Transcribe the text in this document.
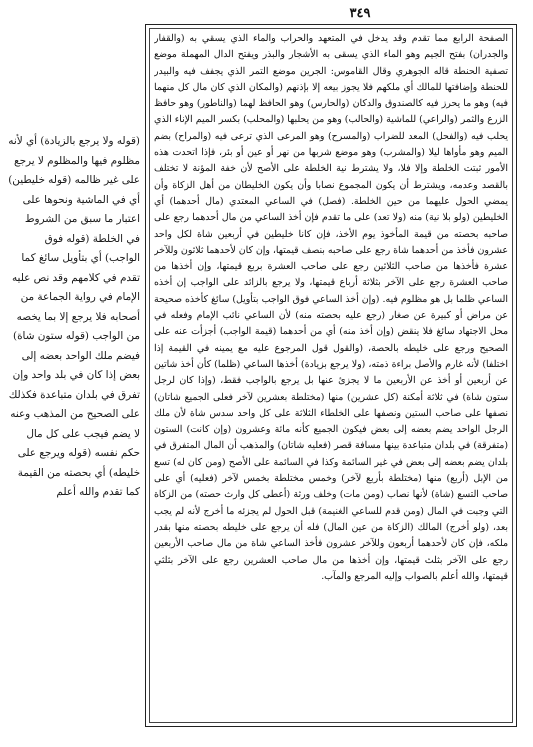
٣٤٩

(قوله ولا يرجع بالزيادة) أي لأنه مظلوم فيها والمظلوم لا يرجع على غير ظالمه (قوله خليطين) أي في الماشية ونحوها على اعتبار ما سبق من الشروط في الخلطة (قوله فوق الواجب) أي بتأويل سائغ كما تقدم في كلامهم وقد نص عليه الإمام في رواية الجماعة من أصحابه فلا يرجع إلا بما يخصه من الواجب (قوله ستون شاة) فيضم ملك الواحد بعضه إلى بعض إذا كان في بلد واحد وإن تفرق في بلدان متباعدة فكذلك على الصحيح من المذهب وعنه لا يضم فيجب على كل مال حكم نفسه (قوله ويرجع على خليطه) أي بحصته من القيمة كما تقدم والله أعلم

الصفحة الرابع مما تقدم وقد يدخل في المتعهد والحراب والماء الذي يسقي به (والقفار والجدران) بفتح الجيم وهو الماء الذي يسقى به الأشجار والبذر ويفتح الدال المهملة موضع تصفية الحنطة قاله الجوهري وقال القاموس: الجرين موضع التمر الذي يجفف فيه والبيدر للحنطة وإضافتها للمالك أي ملكهم فلا يجوز بيعه إلا بإذنهم (والمكان الذي كان مال كل منهما فيه) وهو ما يحرز فيه كالصندوق والدكان (والحارس) وهو الحافظ لهما (والناطور) وهو حافظ الزرع والثمر (والراعي) للماشية (والحالب) وهو من يحلبها (والمحلب) بكسر الميم الإناء الذي يحلب فيه (والفحل) المعد للضراب (والمسرح) وهو المرعى الذي ترعى فيه (والمراح) بضم الميم وهو مأواها ليلا (والمشرب) وهو موضع شربها من نهر أو عين أو بئر، فإذا اتحدت هذه الأمور ثبتت الخلطة وإلا فلا، ولا يشترط نية الخلطة على الأصح لأن خفة المؤنة لا تختلف بالقصد وعدمه، ويشترط أن يكون المجموع نصابا وأن يكون الخليطان من أهل الزكاة وأن يمضي الحول عليهما من حين الخلطة. (فصل) في الساعي المعتدي (مال أحدهما) أي الخليطين (ولو بلا نية) منه (ولا تعد) على ما تقدم فإن أخذ الساعي من مال أحدهما رجع على صاحبه بحصته من قيمة المأخوذ يوم الأخذ، فإن كانا خليطين في أربعين شاة لكل واحد عشرون فأخذ من أحدهما شاة رجع على صاحبه بنصف قيمتها، وإن كان لأحدهما ثلاثون وللآخر عشرة فأخذها من صاحب الثلاثين رجع على صاحب العشرة بربع قيمتها، وإن أخذها من صاحب العشرة رجع على الآخر بثلاثة أرباع قيمتها، ولا يرجع بالزائد على الواجب إن أخذه الساعي ظلما بل هو مظلوم فيه. (وإن أخذ الساعي فوق الواجب بتأويل) سائغ كأخذه صحيحة عن مراض أو كبيرة عن صغار (رجع عليه بحصته منه) لأن الساعي نائب الإمام وفعله في محل الاجتهاد سائغ فلا ينقض (وإن أخذ منه) أي من أحدهما (قيمة الواجب) أجزأت عنه على الصحيح ورجع على خليطه بالحصة، (والقول قول المرجوع عليه مع يمينه في القيمة إذا اختلفا) لأنه غارم والأصل براءة ذمته، (ولا يرجع بزيادة) أخذها الساعي (ظلما) كأن أخذ شاتين عن أربعين أو أخذ عن الأربعين ما لا يجزئ عنها بل يرجع بالواجب فقط، (وإذا كان لرجل ستون شاة) في ثلاثة أمكنة (كل عشرين) منها (مختلطة بعشرين لآخر فعلى الجميع شاتان) نصفها على صاحب الستين ونصفها على الخلطاء الثلاثة على كل واحد سدس شاة لأن ملك الرجل الواحد يضم بعضه إلى بعض فيكون الجميع كأنه مائة وعشرون (وإن كانت) الستون (متفرقة) في بلدان متباعدة بينها مسافة قصر (فعليه شاتان) والمذهب أن المال المتفرق في بلدان يضم بعضه إلى بعض في غير السائمة وكذا في السائمة على الأصح (ومن كان له) تسع من الإبل (أربع) منها (مختلطة بأربع لآخر) وخمس مختلطة بخمس لآخر (فعليه) أي على صاحب التسع (شاة) لأنها نصاب (ومن مات) وخلف ورثة (أعطى كل وارث حصته) من الزكاة التي وجبت في المال (ومن قدم للساعي الغنيمة) قبل الحول لم يجزئه ما أخرج لأنه لم يجب بعد، (ولو أخرج) المالك (الزكاة من عين المال) فله أن يرجع على خليطه بحصته منها بقدر ملكه، فإن كان لأحدهما أربعون وللآخر عشرون فأخذ الساعي شاة من مال صاحب الأربعين رجع على الآخر بثلث قيمتها، وإن أخذها من مال صاحب العشرين رجع على الآخر بثلثي قيمتها، والله أعلم بالصواب وإليه المرجع والمآب.
